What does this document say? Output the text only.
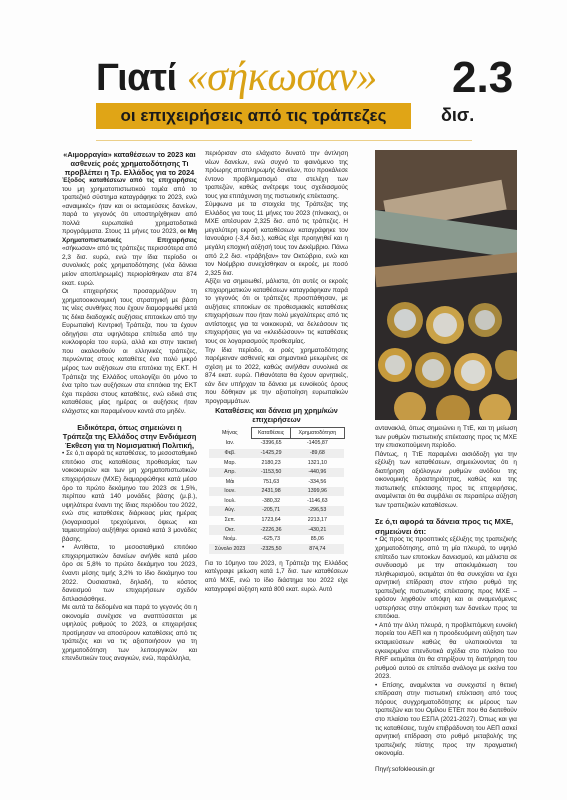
Γιατί «σήκωσαν» 2.3
οι επιχειρήσεις από τις τράπεζες	δισ.

«Αιμορραγία» καταθέσεων το 2023 και ασθενείς ροές χρηματοδότησης Τι προβλέπει η Τρ. Ελλάδος για το 2024

Έξοδος καταθέσεων από τις επιχειρήσεις του μη χρηματοπιστωτικού τομέα από το τραπεζικό σύστημα καταγράφηκε το 2023, ενώ «αναιμικές» ήταν και οι εκταμιεύσεις δανείων, παρά το γεγονός ότι υποστηρίχθηκαν από πολλά ευρωπαϊκά χρηματοδοτικά προγράμματα. Στους 11 μήνες του 2023, οι Μη Χρηματοπιστωτικές Επιχειρήσεις «σήκωσαν» από τις τράπεζες περισσότερα από 2,3 δισ. ευρώ, ενώ την ίδια περίοδο οι συνολικές ροές χρηματοδότησης (νέα δάνεια μείον αποπληρωμές) περιορίσθηκαν στα 874 εκατ. ευρώ.

Οι επιχειρήσεις προσαρμόζουν τη χρηματοοικονομική τους στρατηγική με βάση τις νέες συνθήκες που έχουν διαμορφωθεί μετά τις δέκα διαδοχικές αυξήσεις επιτοκίων από την Ευρωπαϊκή Κεντρική Τράπεζα, που τα έχουν οδηγήσει στα υψηλότερα επίπεδα από την κυκλοφορία του ευρώ, αλλά και στην τακτική που ακολουθούν οι ελληνικές τράπεζες, περνώντας στους καταθέτες ένα πολύ μικρό μέρος των αυξήσεων στα επιτόκια της ΕΚΤ. Η Τράπεζα της Ελλάδος υπολογίζει ότι μόνο το ένα τρίτο των αυξήσεων στα επιτόκια της ΕΚΤ έχει περάσει στους καταθέτες, ενώ ειδικά στις καταθέσεις μίας ημέρας οι αυξήσεις ήταν ελάχιστες και παραμένουν κοντά στο μηδέν.

Ειδικότερα, όπως σημειώνει η Τράπεζα της Ελλάδος στην Ενδιάμεση Έκθεση για τη Νομισματική Πολιτική,

• Σε ό,τι αφορά τις καταθέσεις, το μεσοσταθμικό επιτόκιο στις καταθέσεις προθεσμίας των νοικοκυριών και των μη χρηματοπιστωτικών επιχειρήσεων (ΜΧΕ) διαμορφώθηκε κατά μέσο όρο το πρώτο δεκάμηνο του 2023 σε 1,5%, περίπου κατά 140 μονάδες βάσης (μ.β.), υψηλότερα έναντι της ίδιας περιόδου του 2022, ενώ στις καταθέσεις διάρκειας μίας ημέρας (λογαριασμοί τρεχούμενοι, όψεως και ταμιευτηρίου) αυξήθηκε οριακά κατά 3 μονάδες βάσης.

• Αντίθετα, το μεσοσταθμικό επιτόκιο επιχειρηματικών δανείων ανήλθε κατά μέσο όρο σε 5,8% το πρώτο δεκάμηνο του 2023, έναντι μέσης τιμής 3,2% το ίδιο δεκάμηνο του 2022. Ουσιαστικά, δηλαδή, το κόστος δανεισμού των επιχειρήσεων σχεδόν διπλασιάσθηκε.

Με αυτά τα δεδομένα και παρά το γεγονός ότι η οικονομία συνέχισε να αναπτύσσεται με υψηλούς ρυθμούς το 2023, οι επιχειρήσεις προτίμησαν να αποσύρουν καταθέσεις από τις τράπεζες και να τις αξιοποιήσουν για τη χρηματοδότηση των λειτουργικών και επενδυτικών τους αναγκών, ενώ, παράλληλα,

περιόρισαν στο ελάχιστο δυνατό την άντληση νέων δανείων, ενώ συχνό το φαινόμενο της πρόωρης αποπληρωμής δανείων, που προκάλεσε έντονο προβληματισμό στα στελέχη των τραπεζών, καθώς ανέτρεψε τους σχεδιασμούς τους για επιτάχυνση της πιστωτικής επέκτασης.

Σύμφωνα με τα στοιχεία της Τράπεζας της Ελλάδος για τους 11 μήνες του 2023 (πίνακας), οι ΜΧΕ απέσυραν 2,325 δισ. από τις τράπεζες. Η μεγαλύτερη εκροή καταθέσεων καταγράφηκε τον Ιανουάριο (-3,4 δισ.), καθώς είχε προηγηθεί και η μεγάλη εποχική αύξησή τους τον Δεκέμβριο. Πάνω από 2,2 δισ. «τράβηξαν» τον Οκτώβριο, ενώ και τον Νοέμβριο συνεχίσθηκαν οι εκροές, με ποσό 2,325 δισ.

Αξίζει να σημειωθεί, μάλιστα, ότι αυτές οι εκροές επιχειρηματικών καταθέσεων καταγράφηκαν παρά το γεγονός ότι οι τράπεζες προσπάθησαν, με αυξήσεις επιτοκίων σε προθεσμιακές καταθέσεις επιχειρήσεων που ήταν πολύ μεγαλύτερες από τις αντίστοιχες για τα νοικοκυριά, να δελεάσουν τις επιχειρήσεις για να «κλειδώσουν» τις καταθέσεις τους σε λογαριασμούς προθεσμίας.

Την ίδια περίοδο, οι ροές χρηματοδότησης παρέμειναν ασθενείς και σημαντικά μειωμένες σε σχέση με το 2022, καθώς ανήλθαν συνολικά σε 874 εκατ. ευρώ. Πιθανότατα θα έχουν αρνητικές, εάν δεν υπήρχαν τα δάνεια με ευνοϊκούς όρους που δόθηκαν με την αξιοποίηση ευρωπαϊκών προγραμμάτων.

Καταθέσεις και δάνεια μη χρημ/κών επιχειρήσεων

Μήνας	Καταθέσεις	Χρηματοδότηση
Ιαν.	-3396,65	-1405,87
Φεβ.	-1425,29	-89,68
Μαρ.	2180,23	1321,10
Απρ.	-1153,50	-440,96
Μάι	751,63	-334,56
Ιουν.	2431,98	1399,96
Ιουλ.	-380,32	-1146,63
Αύγ.	-205,71	-296,53
Σεπ.	1723,64	2213,17
Οκτ.	-2226,36	-430,21
Νοέμ.	-625,73	85,06
Σύνολο 2023	-2325,50	874,74

Για το 10μηνο του 2023, η Τράπεζα της Ελλάδος κατέγραψε μείωση κατά 1,7 δισ. των καταθέσεων από ΜΧΕ, ενώ το ίδιο διάστημα του 2022 είχε καταγραφεί αύξηση κατά 800 εκατ. ευρώ. Αυτό

αντανακλά, όπως σημειώνει η ΤτΕ, και τη μείωση των ρυθμών πιστωτικής επέκτασης προς τις ΜΧΕ την επισκοπούμενη περίοδο.

Πάντως, η ΤτΕ παραμένει αισιόδοξη για την εξέλιξη των καταθέσεων, σημειώνοντας ότι η διατήρηση αξιόλογων ρυθμών ανόδου της οικονομικής δραστηριότητας, καθώς και της πιστωτικής επέκτασης προς τις επιχειρήσεις, αναμένεται ότι θα συμβάλει σε περαιτέρω αύξηση των τραπεζικών καταθέσεων.

Σε ό,τι αφορά τα δάνεια προς τις ΜΧΕ, σημειώνει ότι:

• Ως προς τις προοπτικές εξέλιξης της τραπεζικής χρηματοδότησης, από τη μία πλευρά, το υψηλό επίπεδο των επιτοκίων δανεισμού, και μάλιστα σε συνδυασμό με την αποκλιμάκωση του πληθωρισμού, εκτιμάται ότι θα συνεχίσει να έχει αρνητική επίδραση στον ετήσιο ρυθμό της τραπεζικής πιστωτικής επέκτασης προς ΜΧΕ – εφόσον ληφθούν υπόψη και οι αναμενόμενες υστερήσεις στην απόκριση των δανείων προς τα επιτόκια.

• Από την άλλη πλευρά, η προβλεπόμενη ευνοϊκή πορεία του ΑΕΠ και η προοδευόμενη αύξηση των εκταμιεύσεων καθώς θα υλοποιούνται τα εγκεκριμένα επενδυτικά σχέδια στο πλαίσιο του RRF εκτιμάται ότι θα στηρίξουν τη διατήρηση του ρυθμού αυτού σε επίπεδα ανάλογα με εκείνα του 2023.

• Επίσης, αναμένεται να συνεχιστεί η θετική επίδραση στην πιστωτική επέκταση από τους πόρους συγχρηματοδότησης εκ μέρους των τραπεζών και του Ομίλου ΕΤΕπ που θα διατεθούν στο πλαίσιο του ΕΣΠΑ (2021-2027). Όπως και για τις καταθέσεις, τυχόν επιβράδυνση του ΑΕΠ ασκεί αρνητική επίδραση στο ρυθμό μεταβολής της τραπεζικής πίστης προς την πραγματική οικονομία.

Πηγή:sofokleousin.gr
